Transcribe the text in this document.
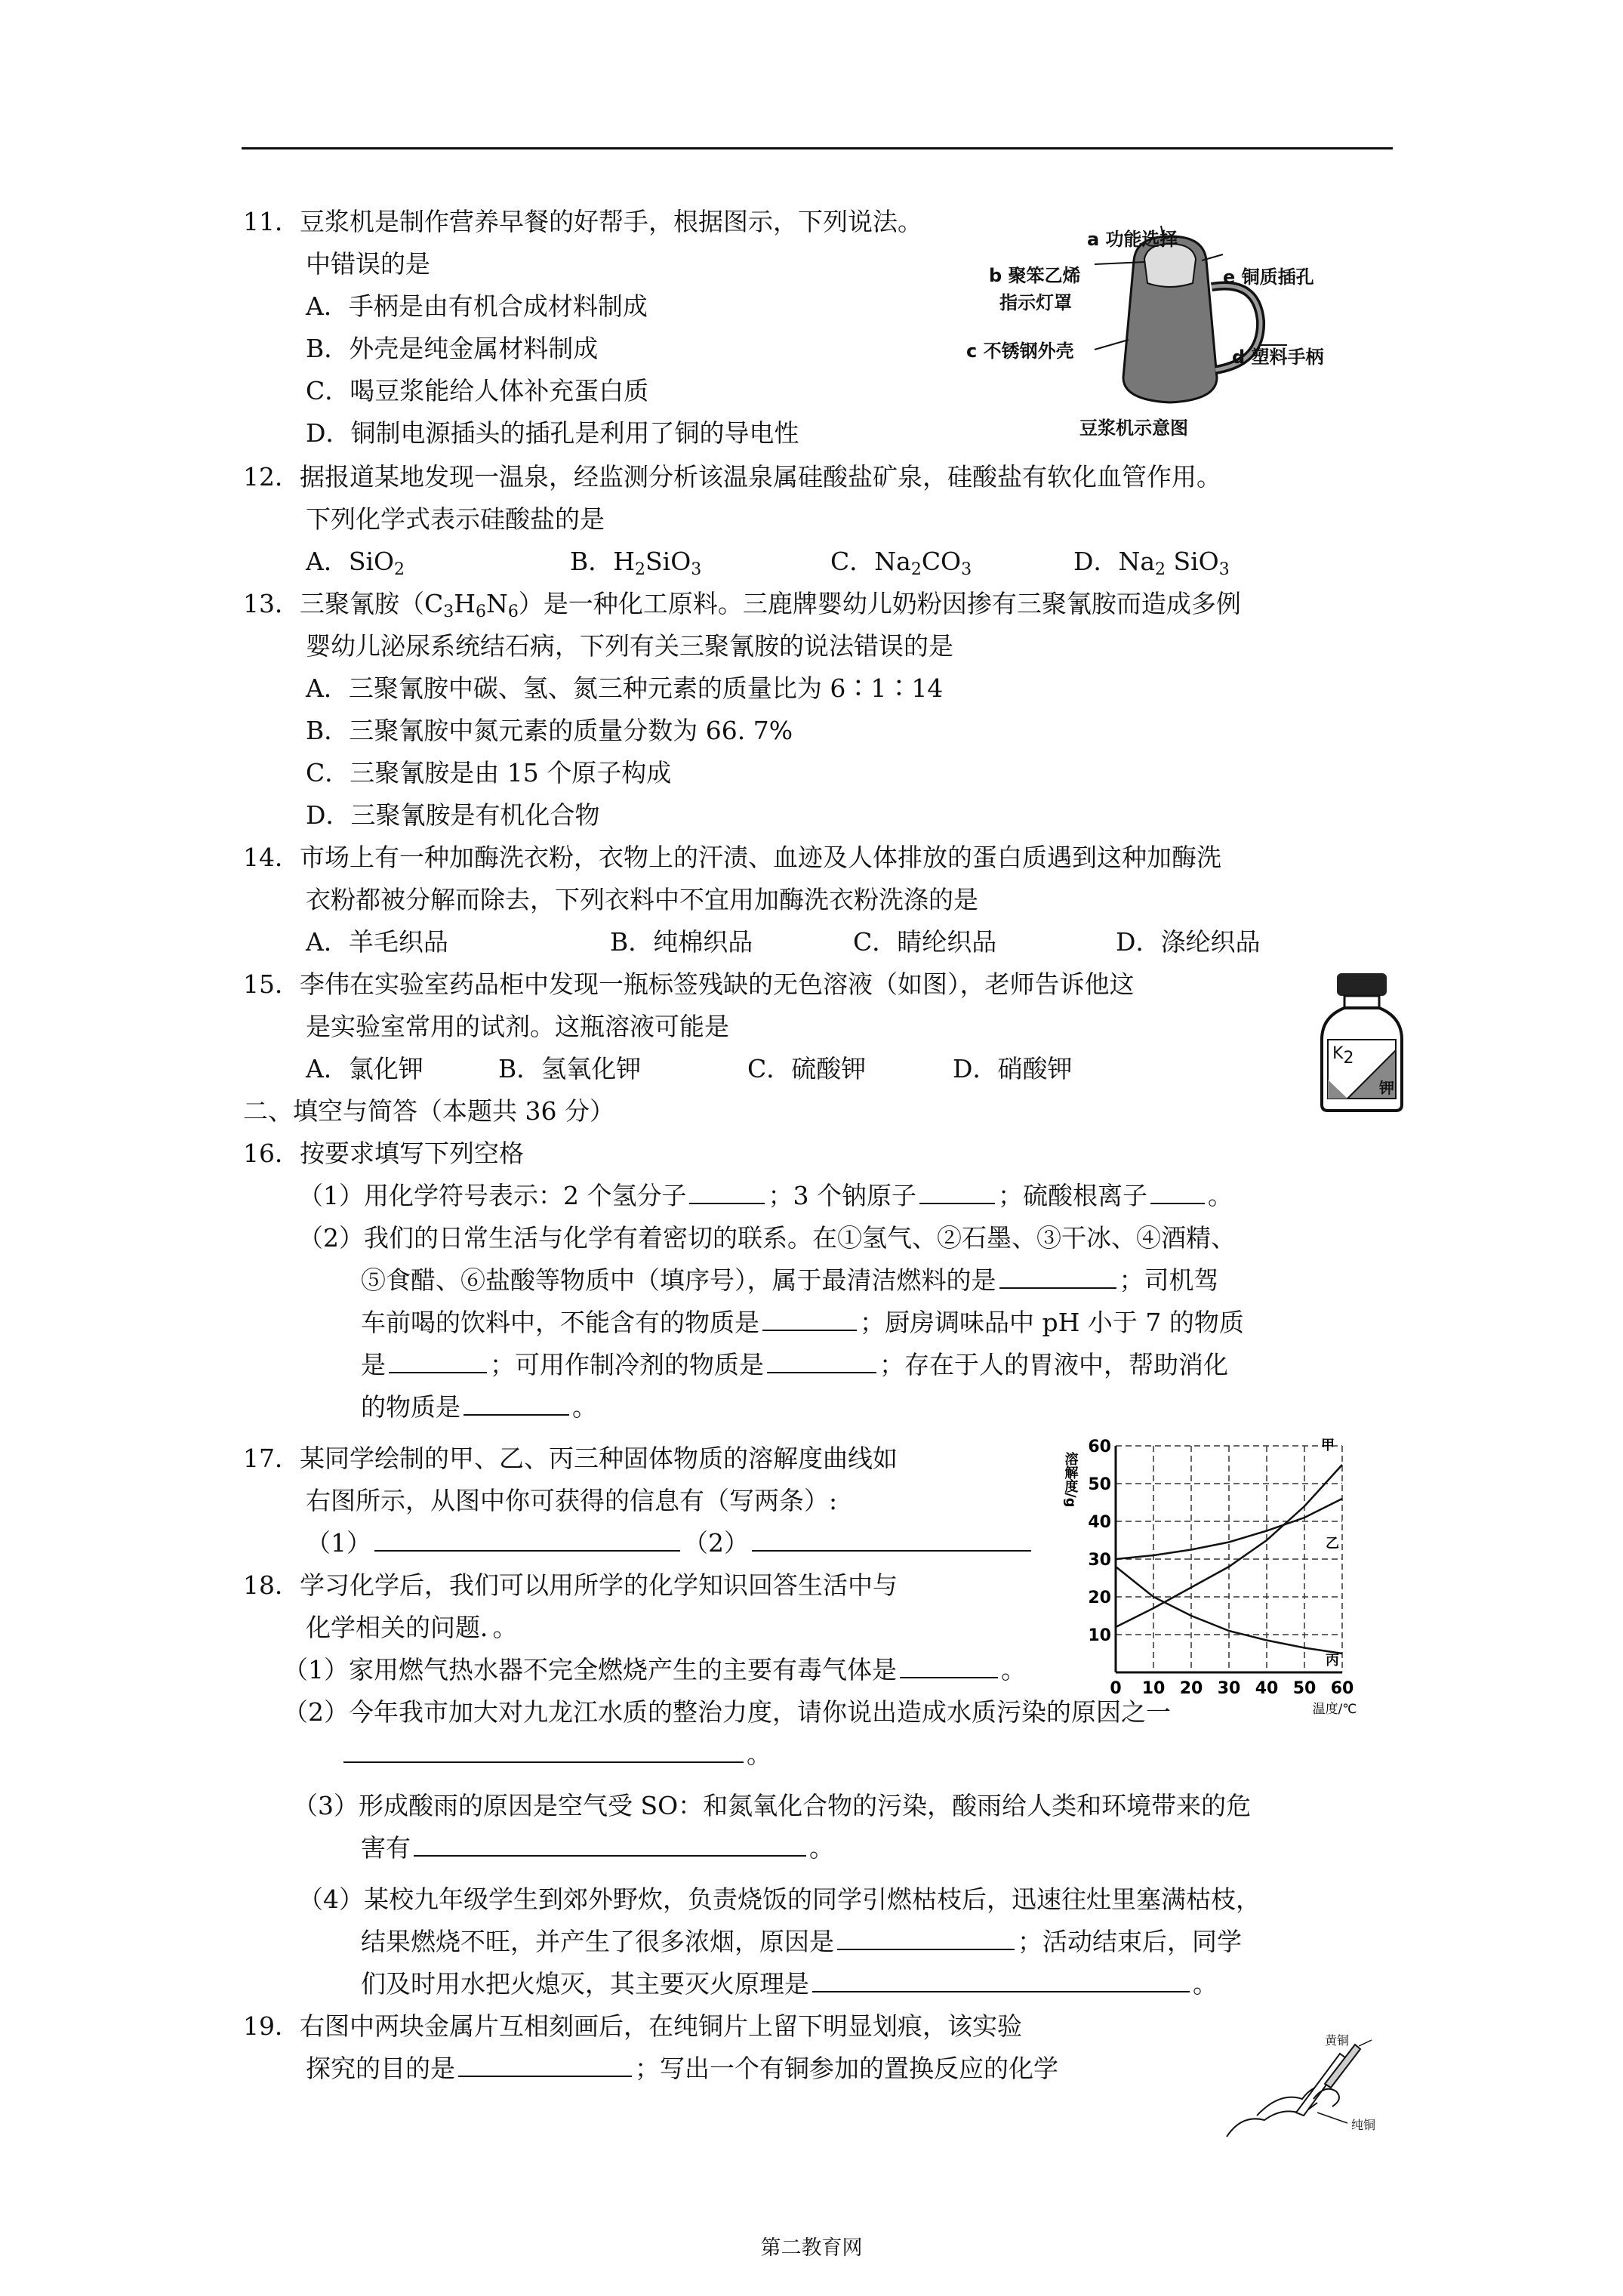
11．豆浆机是制作营养早餐的好帮手，根据图示，下列说法。
中错误的是
A．手柄是由有机合成材料制成
B．外壳是纯金属材料制成
C．喝豆浆能给人体补充蛋白质
D．铜制电源插头的插孔是利用了铜的导电性
a 功能选择
b 聚笨乙烯
指示灯罩
e 铜质插孔
c 不锈钢外壳	d 塑料手柄
豆浆机示意图
12．据报道某地发现一温泉，经监测分析该温泉属硅酸盐矿泉，硅酸盐有软化血管作用。
下列化学式表示硅酸盐的是
A．SiO$_2$	B．$H_2SiO_3$	C．$Na_2CO_3$	D．$Na_2$ SiO$_3$
13．三聚氰胺$(C_3H_6N_6)$是一种化工原料。三鹿牌婴幼儿奶粉因掺有三聚氰胺而造成多例
婴幼儿泌尿系统结石病，下列有关三聚氰胺的说法错误的是
A．三聚氰胺中碳、氢、氮三种元素的质量比为 6∶1∶14
B．三聚氰胺中氮元素的质量分数为 66. 7%
C．三聚氰胺是由 15 个原子构成
D．三聚氰胺是有机化合物
14．市场上有一种加酶洗衣粉，衣物上的汗渍、血迹及人体排放的蛋白质遇到这种加酶洗
衣粉都被分解而除去，下列衣料中不宜用加酶洗衣粉洗涤的是
A．羊毛织品	B．纯棉织品	C．睛纶织品	D．涤纶织品
15．李伟在实验室药品柜中发现一瓶标签残缺的无色溶液（如图），老师告诉他这
是实验室常用的试剂。这瓶溶液可能是
A．氯化钾	B．氢氧化钾	C．硫酸钾	D．硝酸钾
$K_2$
钾
二、填空与简答（本题共 36 分）
16．按要求填写下列空格
（1）用化学符号表示：2 个氢分子	；3 个钠原子	；硫酸根离子 。
（2）我们的日常生活与化学有着密切的联系。在①氢气、②石墨、③干冰、④酒精、
⑤食醋、⑥盐酸等物质中（填序号），属于最清洁燃料的是	；司机驾
车前喝的饮料中，不能含有的物质是	；厨房调味品中 pH 小于 7 的物质
是	；可用作制冷剂的物质是	；存在于人的胃液中，帮助消化
的物质是	。
17．某同学绘制的甲、乙、丙三种固体物质的溶解度曲线如
右图所示，从图中你可获得的信息有（写两条）:
（1）	（2）
0 10 20 30 40 50 60
10
20
30
40
50
60
溶解度/g
温度/℃
甲
乙
丙
18．学习化学后，我们可以用所学的化学知识回答生活中与
化学相关的问题．。
（1）家用燃气热水器不完全燃烧产生的主要有毒气体是	。
（2）今年我市加大对九龙江水质的整治力度，请你说出造成水质污染的原因之一
。
（3）形成酸雨的原因是空气受 SO：和氮氧化合物的污染，酸雨给人类和环境带来的危
害有	。
（4）某校九年级学生到郊外野炊，负责烧饭的同学引燃枯枝后，迅速往灶里塞满枯枝，
结果燃烧不旺，并产生了很多浓烟，原因是	；活动结束后，同学
们及时用水把火熄灭，其主要灭火原理是	。
19．右图中两块金属片互相刻画后，在纯铜片上留下明显划痕，该实验
探究的目的是	；写出一个有铜参加的置换反应的化学
黄铜
纯铜
第二教育网
